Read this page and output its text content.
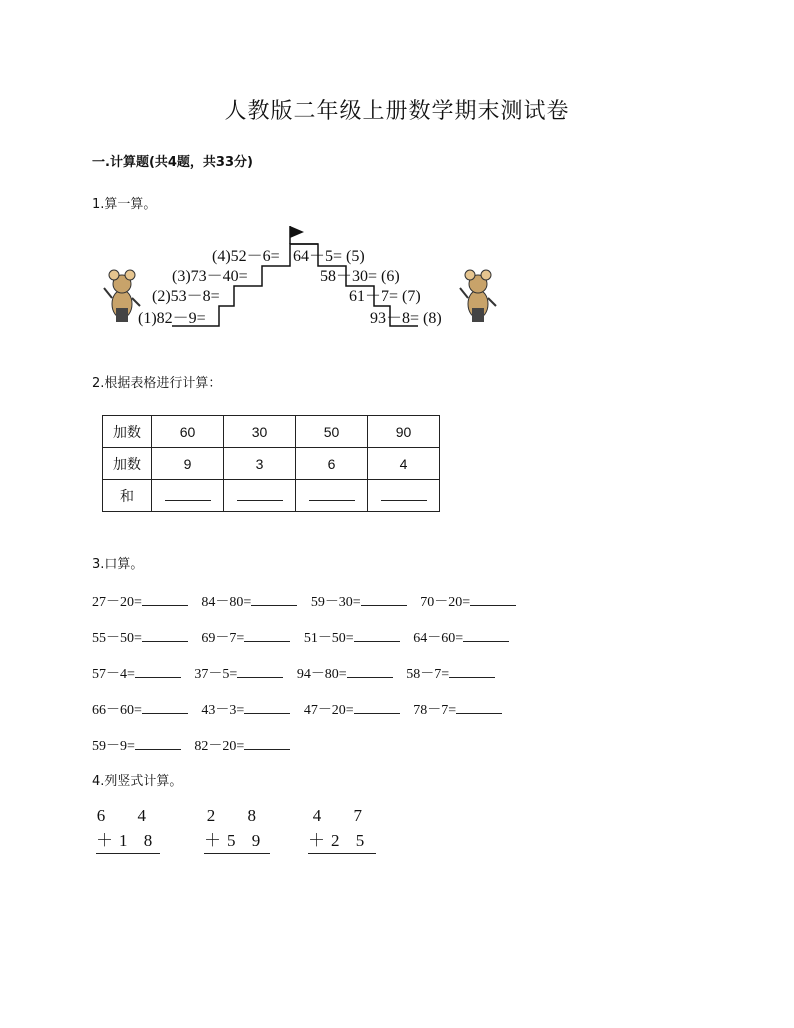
人教版二年级上册数学期末测试卷
一.计算题(共4题，共33分)
1.算一算。
(4)52－6=
(3)73－40=
(2)53－8=
(1)82－9=
64－5= (5)
58－30= (6)
61－7= (7)
93－8= (8)
2.根据表格进行计算：
加数	60	30	50	90
加数	9	3	6	4
和				
3.口算。
27－20=	84－80=	59－30=	70－20=
55－50=	69－7=	51－50=	64－60=
57－4=	37－5=	94－80=	58－7=
66－60=	43－3=	47－20=	78－7=
59－9=	82－20=
4.列竖式计算。
6 4
＋1 8
2 8
＋5 9
4 7
＋2 5
